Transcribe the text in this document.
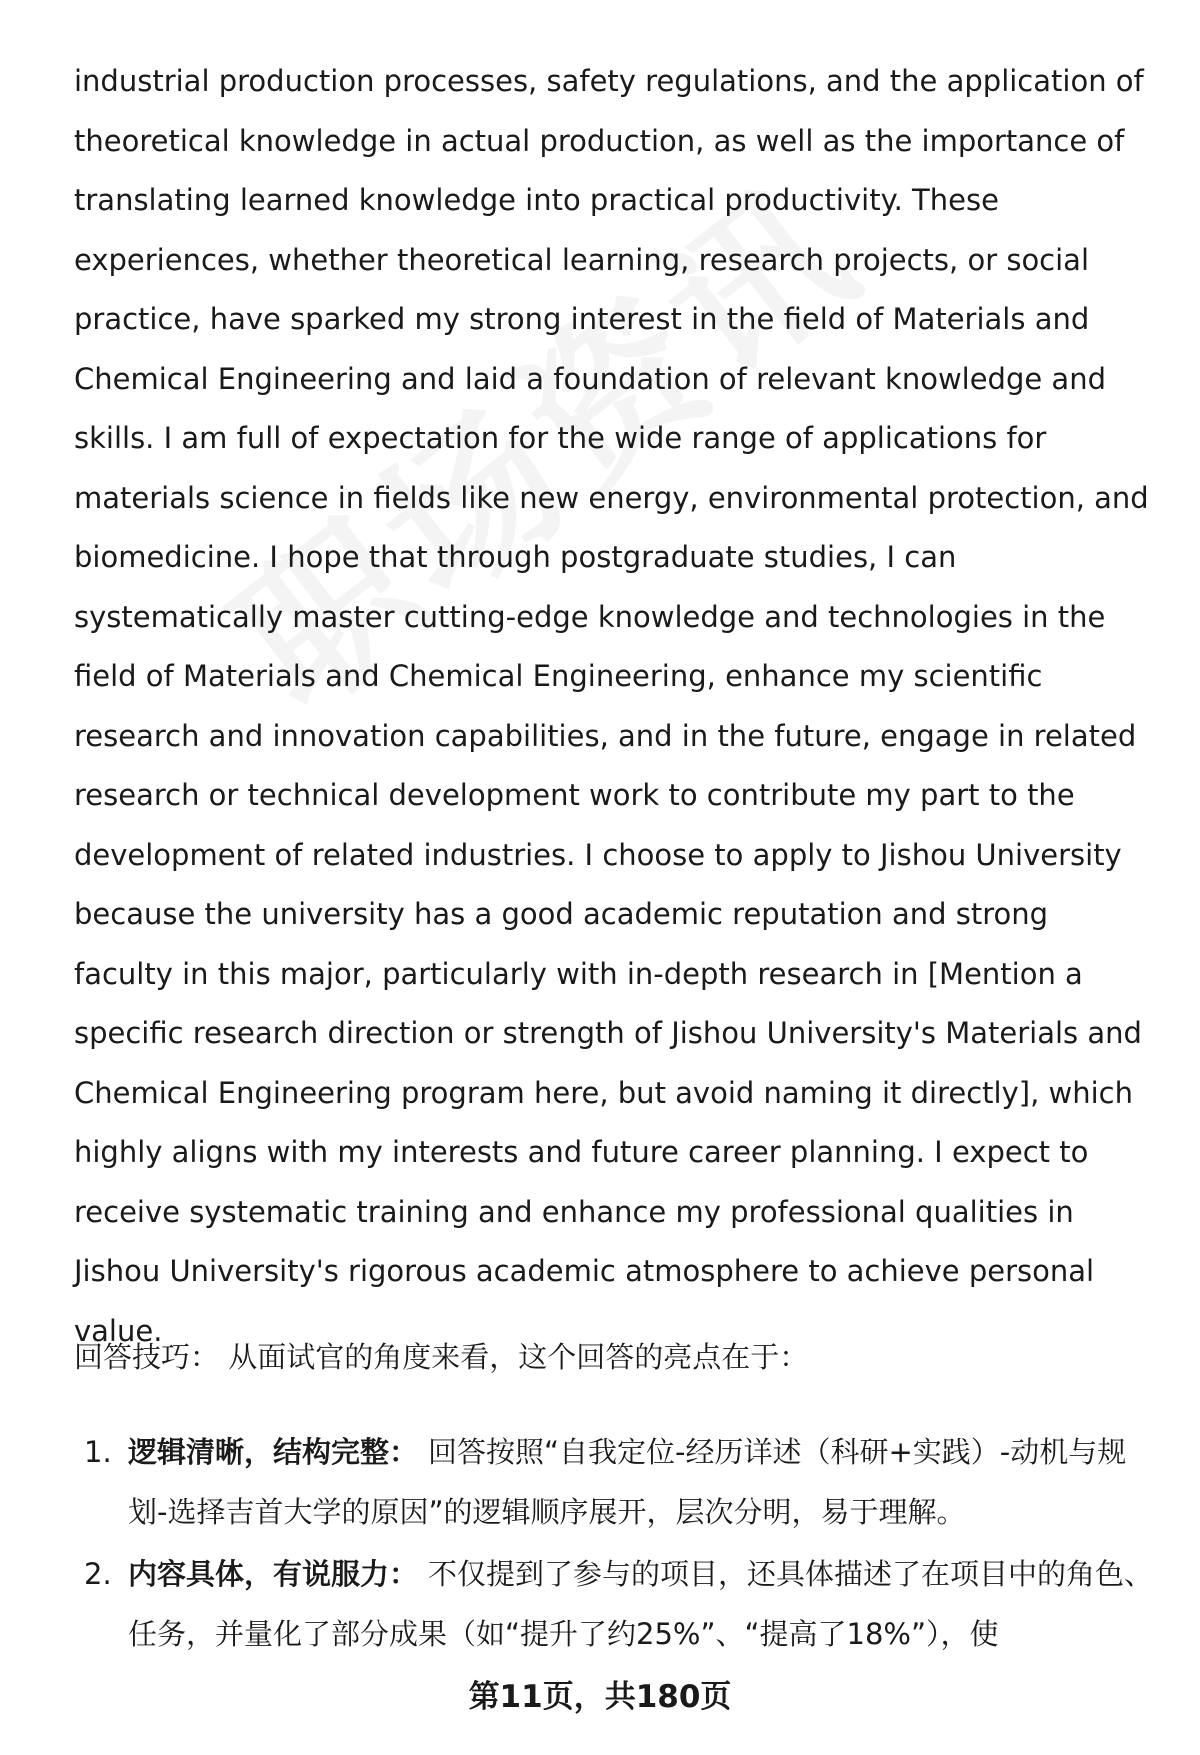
industrial production processes, safety regulations, and the application of theoretical knowledge in actual production, as well as the importance of translating learned knowledge into practical productivity. These experiences, whether theoretical learning, research projects, or social practice, have sparked my strong interest in the field of Materials and Chemical Engineering and laid a foundation of relevant knowledge and skills. I am full of expectation for the wide range of applications for materials science in fields like new energy, environmental protection, and biomedicine. I hope that through postgraduate studies, I can systematically master cutting-edge knowledge and technologies in the field of Materials and Chemical Engineering, enhance my scientific research and innovation capabilities, and in the future, engage in related research or technical development work to contribute my part to the development of related industries. I choose to apply to Jishou University because the university has a good academic reputation and strong faculty in this major, particularly with in-depth research in [Mention a specific research direction or strength of Jishou University's Materials and Chemical Engineering program here, but avoid naming it directly], which highly aligns with my interests and future career planning. I expect to receive systematic training and enhance my professional qualities in Jishou University's rigorous academic atmosphere to achieve personal value.

回答技巧： 从面试官的角度来看，这个回答的亮点在于：

1. 逻辑清晰，结构完整： 回答按照“自我定位-经历详述（科研+实践）-动机与规划-选择吉首大学的原因”的逻辑顺序展开，层次分明，易于理解。
2. 内容具体，有说服力： 不仅提到了参与的项目，还具体描述了在项目中的角色、任务，并量化了部分成果（如“提升了约25%”、“提高了18%”），使
第11页，共180页
